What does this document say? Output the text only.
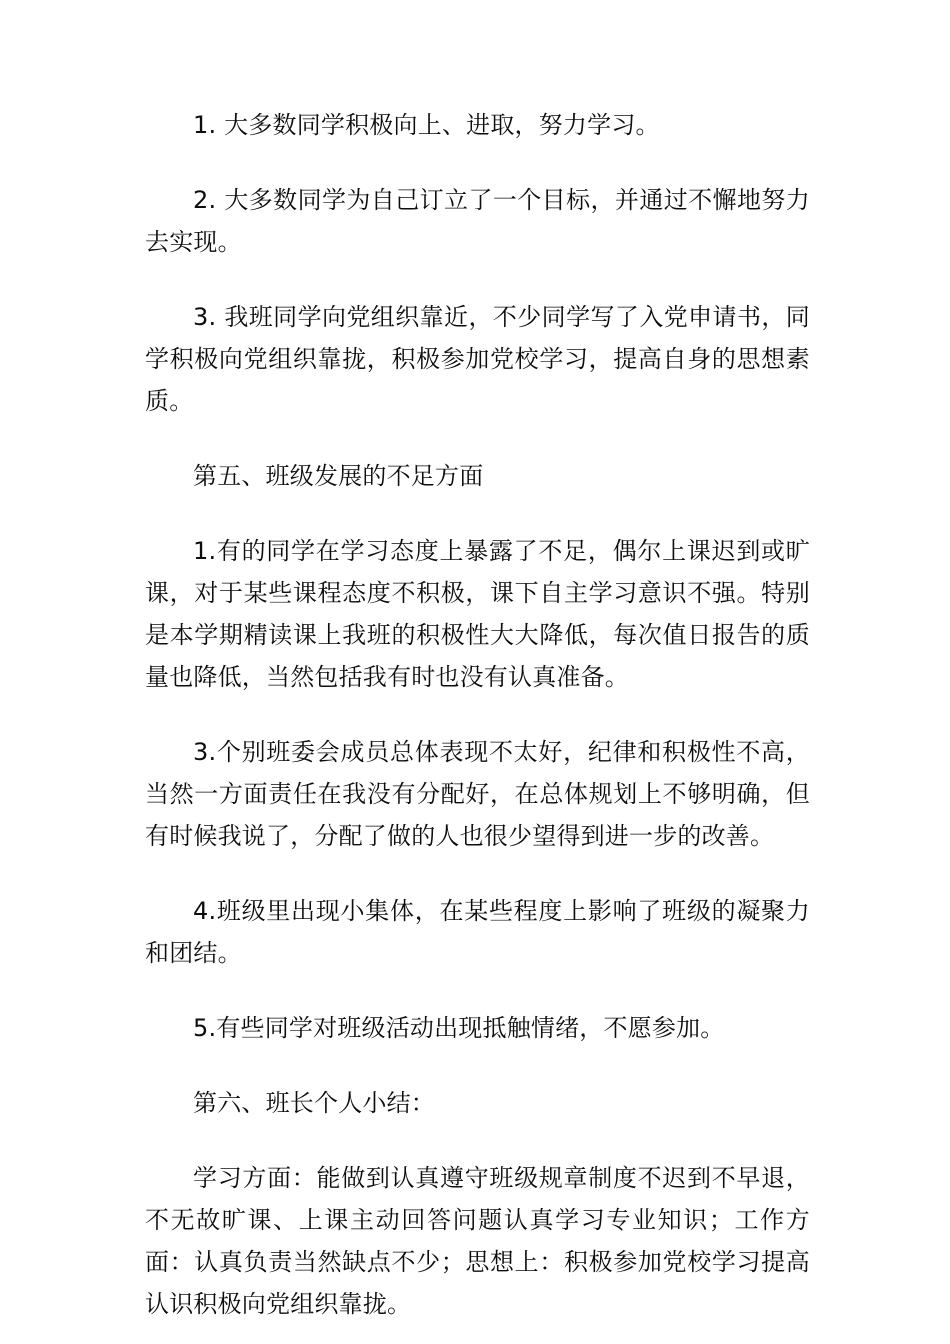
1. 大多数同学积极向上、进取，努力学习。

2. 大多数同学为自己订立了一个目标，并通过不懈地努力去实现。

3. 我班同学向党组织靠近，不少同学写了入党申请书，同学积极向党组织靠拢，积极参加党校学习，提高自身的思想素质。

第五、班级发展的不足方面

1.有的同学在学习态度上暴露了不足，偶尔上课迟到或旷课，对于某些课程态度不积极，课下自主学习意识不强。特别是本学期精读课上我班的积极性大大降低，每次值日报告的质量也降低，当然包括我有时也没有认真准备。

3.个别班委会成员总体表现不太好，纪律和积极性不高，当然一方面责任在我没有分配好，在总体规划上不够明确，但有时候我说了，分配了做的人也很少望得到进一步的改善。

4.班级里出现小集体，在某些程度上影响了班级的凝聚力和团结。

5.有些同学对班级活动出现抵触情绪，不愿参加。

第六、班长个人小结：

学习方面：能做到认真遵守班级规章制度不迟到不早退，不无故旷课、上课主动回答问题认真学习专业知识；工作方面：认真负责当然缺点不少；思想上：积极参加党校学习提高认识积极向党组织靠拢。
